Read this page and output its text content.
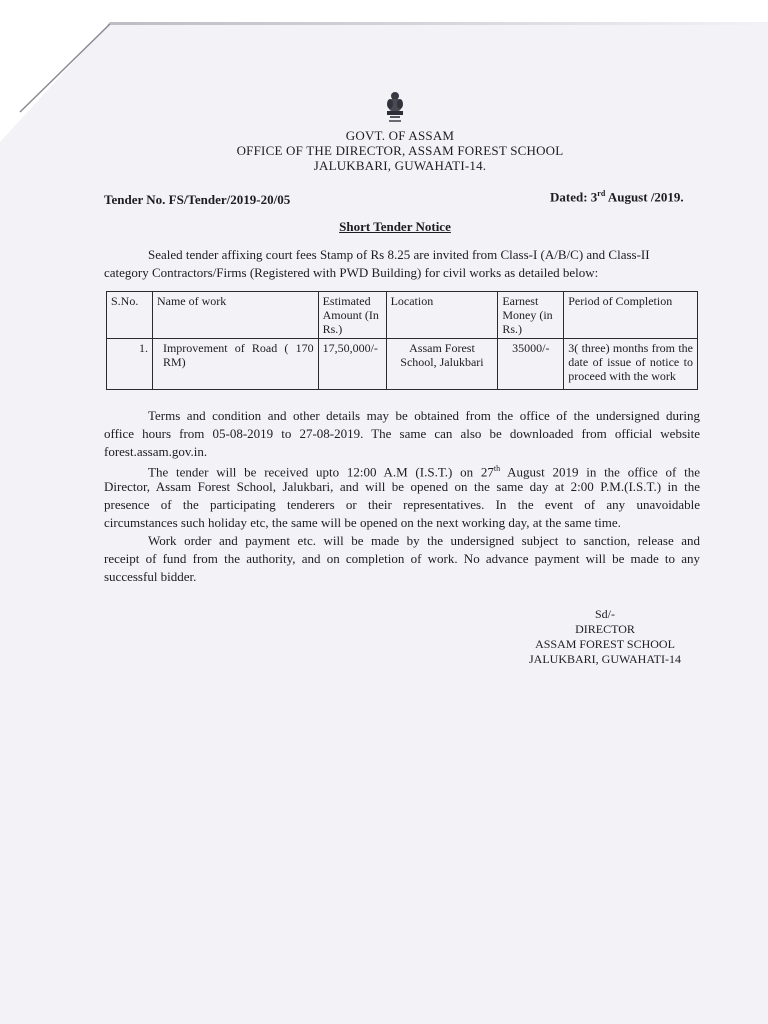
GOVT. OF ASSAM
OFFICE OF THE DIRECTOR, ASSAM FOREST SCHOOL
JALUKBARI, GUWAHATI-14.
Tender No. FS/Tender/2019-20/05	Dated: 3rd August /2019.
Short Tender Notice
Sealed tender affixing court fees Stamp of Rs 8.25 are invited from Class-I (A/B/C) and Class-II
category Contractors/Firms (Registered with PWD Building) for civil works as detailed below:
S.No.	Name of work	Estimated Amount (In Rs.)	Location	Earnest Money (in Rs.)	Period of Completion
1.	Improvement of Road ( 170 RM)	17,50,000/-	Assam Forest School, Jalukbari	35000/-	3( three) months from the date of issue of notice to proceed with the work
Terms and condition and other details may be obtained from the office of the undersigned during
office hours from 05-08-2019 to 27-08-2019. The same can also be downloaded from official website
forest.assam.gov.in.
The tender will be received upto 12:00 A.M (I.S.T.) on 27th August 2019 in the office of the
Director, Assam Forest School, Jalukbari, and will be opened on the same day at 2:00 P.M.(I.S.T.) in the
presence of the participating tenderers or their representatives. In the event of any unavoidable
circumstances such holiday etc, the same will be opened on the next working day, at the same time.
Work order and payment etc. will be made by the undersigned subject to sanction, release and
receipt of fund from the authority, and on completion of work. No advance payment will be made to any
successful bidder.
Sd/-
DIRECTOR
ASSAM FOREST SCHOOL
JALUKBARI, GUWAHATI-14
